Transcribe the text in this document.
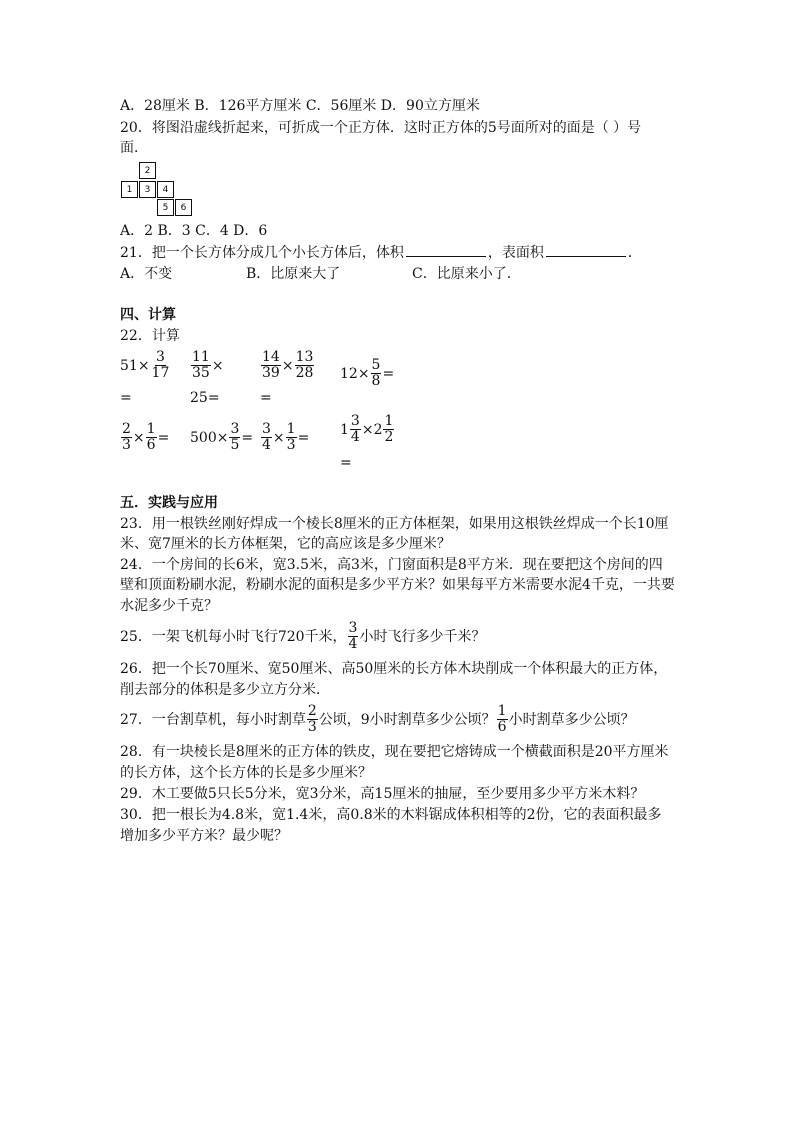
A．28厘米 B．126平方厘米 C．56厘米 D．90立方厘米
20．将图沿虚线折起来，可折成一个正方体．这时正方体的5号面所对的面是（ ）号
面．
2
1	3	4
5	6
A．2 B．3 C．4 D．6
21．把一个长方体分成几个小长方体后，体积	，表面积	．
A．不变	B．比原来大了	C．比原来小了．
四、计算
22．计算
$51\times \frac{3}{17}$
=
$\frac{11}{35}$ ×
25=
$\frac{14}{39} \times \frac{13}{28}$
=
$12\times \frac{5}{8}$ =
$\frac{2}{3} \times \frac{1}{6} = 500\times \frac{3}{5} = \frac{3}{4} \times \frac{1}{3} = 1 \frac{3}{4} \times 2 \frac{1}{2}$
=
五．实践与应用
23．用一根铁丝刚好焊成一个棱长8厘米的正方体框架，如果用这根铁丝焊成一个长10厘
米、宽7厘米的长方体框架，它的高应该是多少厘米？
24．一个房间的长6米，宽3.5米，高3米，门窗面积是8平方米．现在要把这个房间的四
壁和顶面粉刷水泥，粉刷水泥的面积是多少平方米？如果每平方米需要水泥4千克，一共要
水泥多少千克？
25．一架飞机每小时飞行720千米， $\frac{3}{4}$ 小时飞行多少千米？
26．把一个长70厘米、宽50厘米、高50厘米的长方体木块削成一个体积最大的正方体，
削去部分的体积是多少立方分米．
27．一台割草机，每小时割草 $\frac{2}{3}$ 公顷，9小时割草多少公顷？ $\frac{1}{6}$ 小时割草多少公顷？
28．有一块棱长是8厘米的正方体的铁皮，现在要把它熔铸成一个横截面积是20平方厘米
的长方体，这个长方体的长是多少厘米？
29．木工要做5只长5分米，宽3分米，高15厘米的抽屉，至少要用多少平方米木料？
30．把一根长为4.8米，宽1.4米，高0.8米的木料锯成体积相等的2份，它的表面积最多
增加多少平方米？最少呢？
